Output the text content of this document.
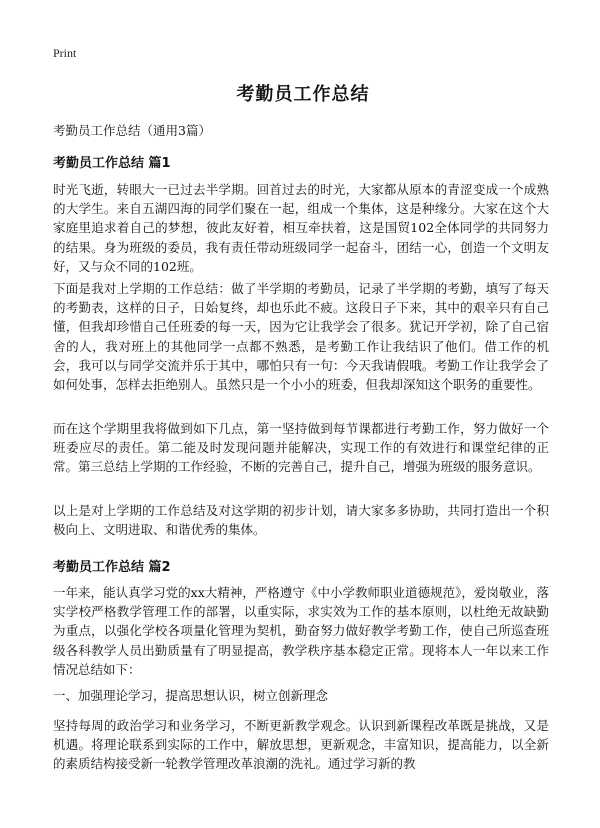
Print
考勤员工作总结
考勤员工作总结（通用3篇）
考勤员工作总结 篇1

时光飞逝，转眼大一已过去半学期。回首过去的时光，大家都从原本的青涩变成一个成熟的大学生。来自五湖四海的同学们聚在一起，组成一个集体，这是种缘分。大家在这个大家庭里追求着自己的梦想，彼此友好着，相互牵扶着，这是国贸102全体同学的共同努力的结果。身为班级的委员，我有责任带动班级同学一起奋斗，团结一心，创造一个文明友好，又与众不同的102班。

下面是我对上学期的工作总结：做了半学期的考勤员，记录了半学期的考勤，填写了每天的考勤表，这样的日子，日始复终，却也乐此不疲。这段日子下来，其中的艰辛只有自己懂，但我却珍惜自己任班委的每一天，因为它让我学会了很多。犹记开学初，除了自己宿舍的人，我对班上的其他同学一点都不熟悉，是考勤工作让我结识了他们。借工作的机会，我可以与同学交流并乐于其中，哪怕只有一句：今天我请假哦。考勤工作让我学会了如何处事，怎样去拒绝别人。虽然只是一个小小的班委，但我却深知这个职务的重要性。

而在这个学期里我将做到如下几点，第一坚持做到每节课都进行考勤工作，努力做好一个班委应尽的责任。第二能及时发现问题并能解决，实现工作的有效进行和课堂纪律的正常。第三总结上学期的工作经验，不断的完善自己，提升自己，增强为班级的服务意识。

以上是对上学期的工作总结及对这学期的初步计划，请大家多多协助，共同打造出一个积极向上、文明进取、和谐优秀的集体。

考勤员工作总结 篇2

一年来，能认真学习党的xx大精神，严格遵守《中小学教师职业道德规范》，爱岗敬业，落实学校严格教学管理工作的部署，以重实际，求实效为工作的基本原则，以杜绝无故缺勤为重点，以强化学校各项量化管理为契机，勤奋努力做好教学考勤工作，使自己所巡查班级各科教学人员出勤质量有了明显提高，教学秩序基本稳定正常。现将本人一年以来工作情况总结如下：

一、加强理论学习，提高思想认识，树立创新理念

坚持每周的政治学习和业务学习，不断更新教学观念。认识到新课程改革既是挑战，又是机遇。将理论联系到实际的工作中，解放思想，更新观念，丰富知识，提高能力，以全新的素质结构接受新一轮教学管理改革浪潮的洗礼。通过学习新的教
